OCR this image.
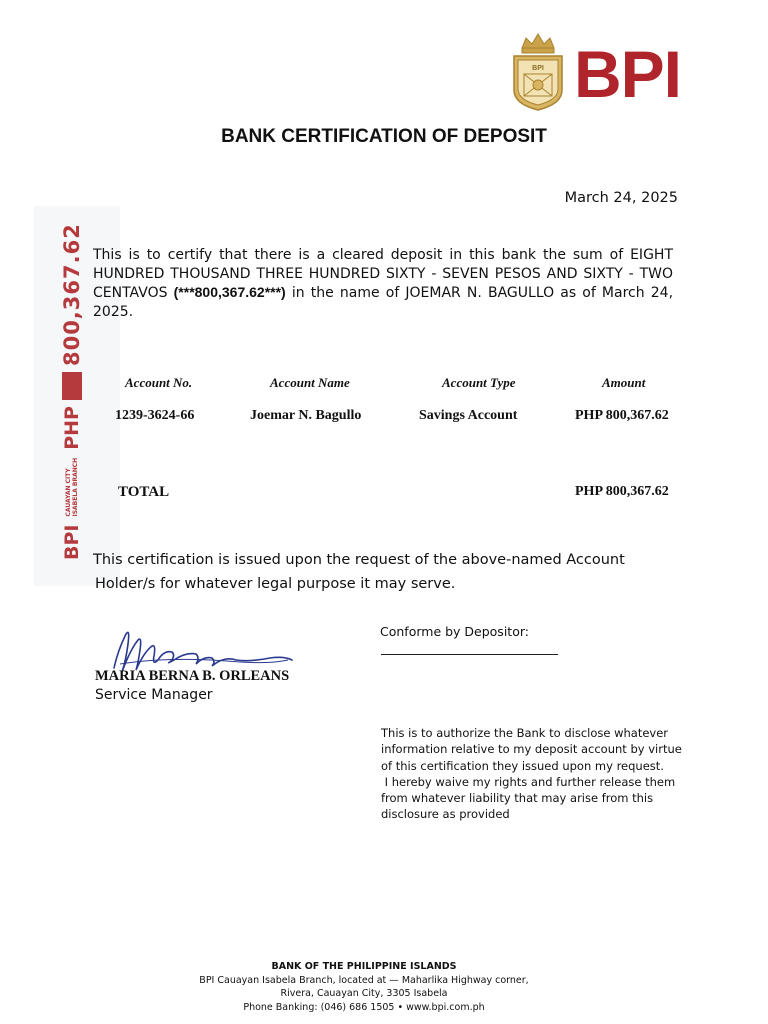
BPI BPI
BANK CERTIFICATION OF DEPOSIT
March 24, 2025
BPI
CAUAYAN CITY ISABELA BRANCH
PHP
800,367.62 This is to certify that there is a cleared deposit in this bank the sum of EIGHT HUNDRED THOUSAND THREE HUNDRED SIXTY - SEVEN PESOS AND SIXTY - TWO CENTAVOS (***800,367.62***) in the name of JOEMAR N. BAGULLO as of March 24, 2025.
Account No.	Account Name	Account Type	Amount
1239-3624-66	Joemar N. Bagullo	Savings Account	PHP 800,367.62
TOTAL	PHP 800,367.62
This certification is issued upon the request of the above-named Account
Holder/s for whatever legal purpose it may serve.
MARIA BERNA B. ORLEANS
Service Manager
Conforme by Depositor:
This is to authorize the Bank to disclose whatever
information relative to my deposit account by virtue
of this certification they issued upon my request.
I hereby waive my rights and further release them
from whatever liability that may arise from this
disclosure as provided
BANK OF THE PHILIPPINE ISLANDS
BPI Cauayan Isabela Branch, located at — Maharlika Highway corner,
Rivera, Cauayan City, 3305 Isabela
Phone Banking: (046) 686 1505 • www.bpi.com.ph
